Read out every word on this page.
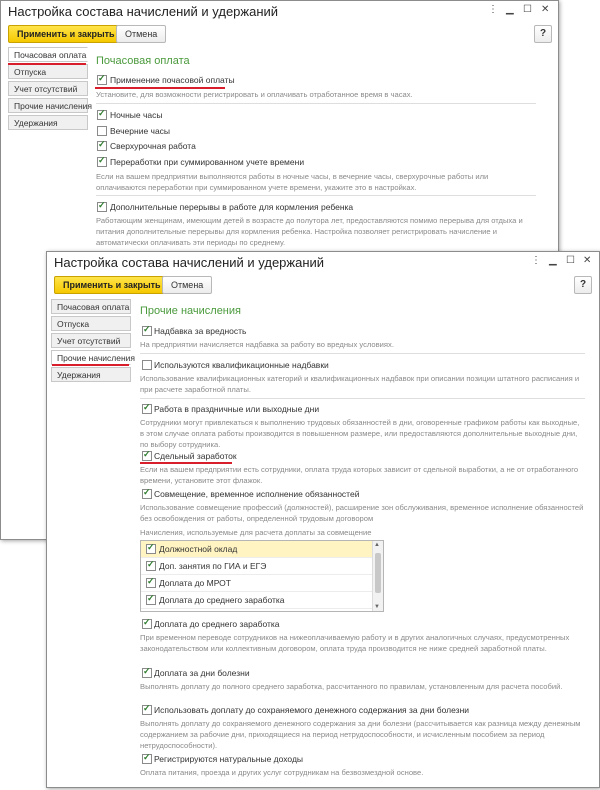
Настройка состава начислений и удержаний	⋮ ▁ ☐ ✕
Применить и закрыть	Отмена	?
Почасовая оплата
Отпуска
Учет отсутствий
Прочие начисления
Удержания
Почасовая оплата
✓
Применение почасовой оплаты
Установите, для возможности регистрировать и оплачивать отработанное время в часах.
✓
Ночные часы
Вечерние часы
✓
Сверхурочная работа
✓
Переработки при суммированном учете времени
Если на вашем предприятии выполняются работы в ночные часы, в вечерние часы, сверхурочные работы или оплачиваются переработки при суммированном учете времени, укажите это в настройках.
✓
Дополнительные перерывы в работе для кормления ребенка
Работающим женщинам, имеющим детей в возрасте до полутора лет, предоставляются помимо перерыва для отдыха и питания дополнительные перерывы для кормления ребенка. Настройка позволяет регистрировать начисление и автоматически оплачивать эти периоды по среднему.
Настройка состава начислений и удержаний	⋮ ▁ ☐ ✕
Применить и закрыть	Отмена	?
Почасовая оплата
Отпуска
Учет отсутствий
Прочие начисления
Удержания
Прочие начисления
✓
Надбавка за вредность
На предприятии начисляется надбавка за работу во вредных условиях.
Используются квалификационные надбавки
Использование квалификационных категорий и квалификационных надбавок при описании позиции штатного расписания и при расчете заработной платы.
✓
Работа в праздничные или выходные дни
Сотрудники могут привлекаться к выполнению трудовых обязанностей в дни, оговоренные графиком работы как выходные, в этом случае оплата работы производится в повышенном размере, или предоставляются дополнительные выходные дни, по выбору сотрудника.
✓
Сдельный заработок
Если на вашем предприятии есть сотрудники, оплата труда которых зависит от сдельной выработки, а не от отработанного времени, установите этот флажок.
✓
Совмещение, временное исполнение обязанностей
Использование совмещение профессий (должностей), расширение зон обслуживания, временное исполнение обязанностей без освобождения от работы, определенной трудовым договором
Начисления, используемые для расчета доплаты за совмещение
✓
Должностной оклад
✓
Доп. занятия по ГИА и ЕГЭ
✓
Доплата до МРОТ
✓
Доплата до среднего заработка
▲
▼
✓
Доплата до среднего заработка
При временном переводе сотрудников на нижеоплачиваемую работу и в других аналогичных случаях, предусмотренных законодательством или коллективным договором, оплата труда производится не ниже средней заработной платы.
✓
Доплата за дни болезни
Выполнять доплату до полного среднего заработка, рассчитанного по правилам, установленным для расчета пособий.
✓
Использовать доплату до сохраняемого денежного содержания за дни болезни
Выполнять доплату до сохраняемого денежного содержания за дни болезни (рассчитывается как разница между денежным содержанием за рабочие дни, приходящиеся на период нетрудоспособности, и исчисленным пособием за период нетрудоспособности).
✓
Регистрируются натуральные доходы
Оплата питания, проезда и других услуг сотрудникам на безвозмездной основе.
